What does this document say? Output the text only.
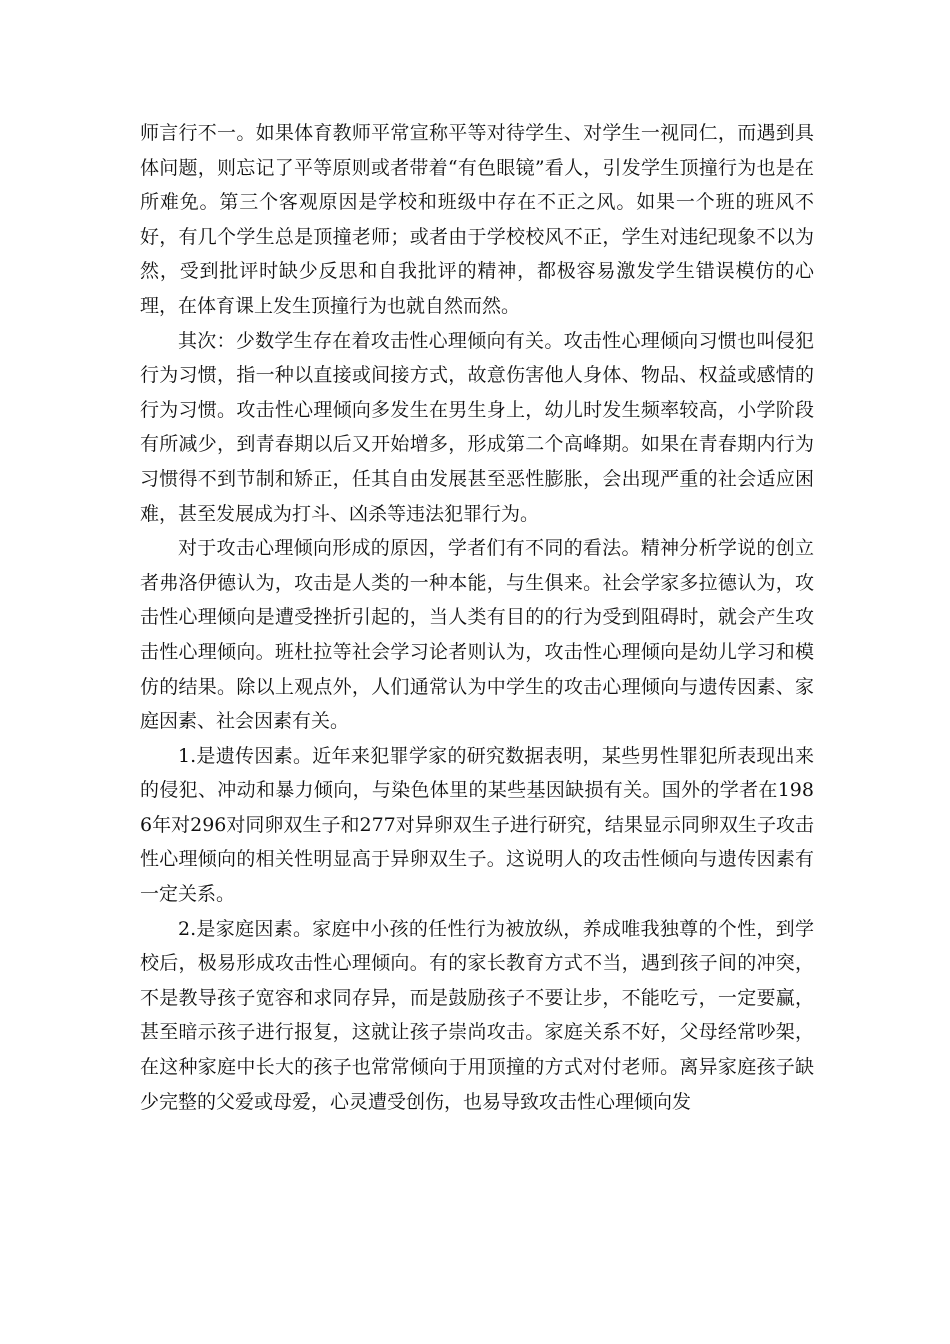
师言行不一。如果体育教师平常宣称平等对待学生、对学生一视同仁，而遇到具体问题，则忘记了平等原则或者带着“有色眼镜”看人，引发学生顶撞行为也是在所难免。第三个客观原因是学校和班级中存在不正之风。如果一个班的班风不好，有几个学生总是顶撞老师；或者由于学校校风不正，学生对违纪现象不以为然，受到批评时缺少反思和自我批评的精神，都极容易激发学生错误模仿的心理，在体育课上发生顶撞行为也就自然而然。

其次：少数学生存在着攻击性心理倾向有关。攻击性心理倾向习惯也叫侵犯行为习惯，指一种以直接或间接方式，故意伤害他人身体、物品、权益或感情的行为习惯。攻击性心理倾向多发生在男生身上，幼儿时发生频率较高，小学阶段有所减少，到青春期以后又开始增多，形成第二个高峰期。如果在青春期内行为习惯得不到节制和矫正，任其自由发展甚至恶性膨胀，会出现严重的社会适应困难，甚至发展成为打斗、凶杀等违法犯罪行为。

对于攻击心理倾向形成的原因，学者们有不同的看法。精神分析学说的创立者弗洛伊德认为，攻击是人类的一种本能，与生俱来。社会学家多拉德认为，攻击性心理倾向是遭受挫折引起的，当人类有目的的行为受到阻碍时，就会产生攻击性心理倾向。班杜拉等社会学习论者则认为，攻击性心理倾向是幼儿学习和模仿的结果。除以上观点外，人们通常认为中学生的攻击心理倾向与遗传因素、家庭因素、社会因素有关。

1.是遗传因素。近年来犯罪学家的研究数据表明，某些男性罪犯所表现出来的侵犯、冲动和暴力倾向，与染色体里的某些基因缺损有关。国外的学者在1986年对296对同卵双生子和277对异卵双生子进行研究，结果显示同卵双生子攻击性心理倾向的相关性明显高于异卵双生子。这说明人的攻击性倾向与遗传因素有一定关系。

2.是家庭因素。家庭中小孩的任性行为被放纵，养成唯我独尊的个性，到学校后，极易形成攻击性心理倾向。有的家长教育方式不当，遇到孩子间的冲突，不是教导孩子宽容和求同存异，而是鼓励孩子不要让步，不能吃亏，一定要赢，甚至暗示孩子进行报复，这就让孩子崇尚攻击。家庭关系不好，父母经常吵架，在这种家庭中长大的孩子也常常倾向于用顶撞的方式对付老师。离异家庭孩子缺少完整的父爱或母爱，心灵遭受创伤，也易导致攻击性心理倾向发
